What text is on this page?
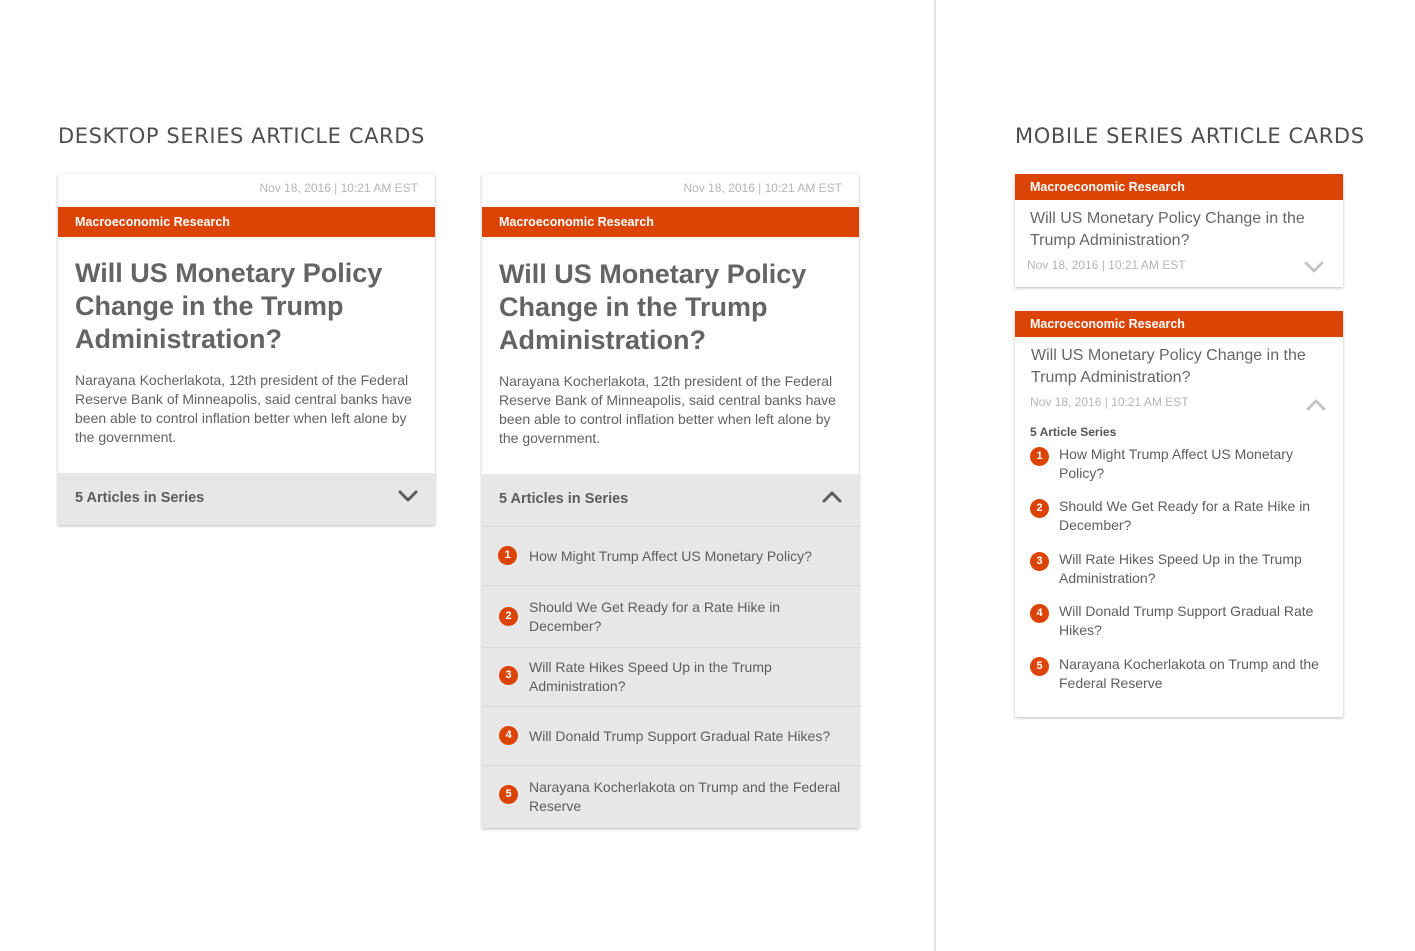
DESKTOP SERIES ARTICLE CARDS	MOBILE SERIES ARTICLE CARDS
Nov 18, 2016 | 10:21 AM EST
Macroeconomic Research
Will US Monetary Policy Change in the Trump Administration?
Narayana Kocherlakota, 12th president of the Federal Reserve Bank of Minneapolis, said central banks have been able to control inflation better when left alone by the government.
5 Articles in Series
Nov 18, 2016 | 10:21 AM EST
Macroeconomic Research
Will US Monetary Policy Change in the Trump Administration?
Narayana Kocherlakota, 12th president of the Federal Reserve Bank of Minneapolis, said central banks have been able to control inflation better when left alone by the government.
5 Articles in Series
1	How Might Trump Affect US Monetary Policy?
2
Should We Get Ready for a Rate Hike in December?
3	Will Rate Hikes Speed Up in the Trump Administration?
4	Will Donald Trump Support Gradual Rate Hikes?
5	Narayana Kocherlakota on Trump and the Federal Reserve
Macroeconomic Research
Will US Monetary Policy Change in the Trump Administration?
Nov 18, 2016 | 10:21 AM EST
Macroeconomic Research
Will US Monetary Policy Change in the Trump Administration?
Nov 18, 2016 | 10:21 AM EST
5 Article Series
1	How Might Trump Affect US Monetary Policy?
2	Should We Get Ready for a Rate Hike in December?
3	Will Rate Hikes Speed Up in the Trump Administration?
4	Will Donald Trump Support Gradual Rate Hikes?
5	Narayana Kocherlakota on Trump and the Federal Reserve
